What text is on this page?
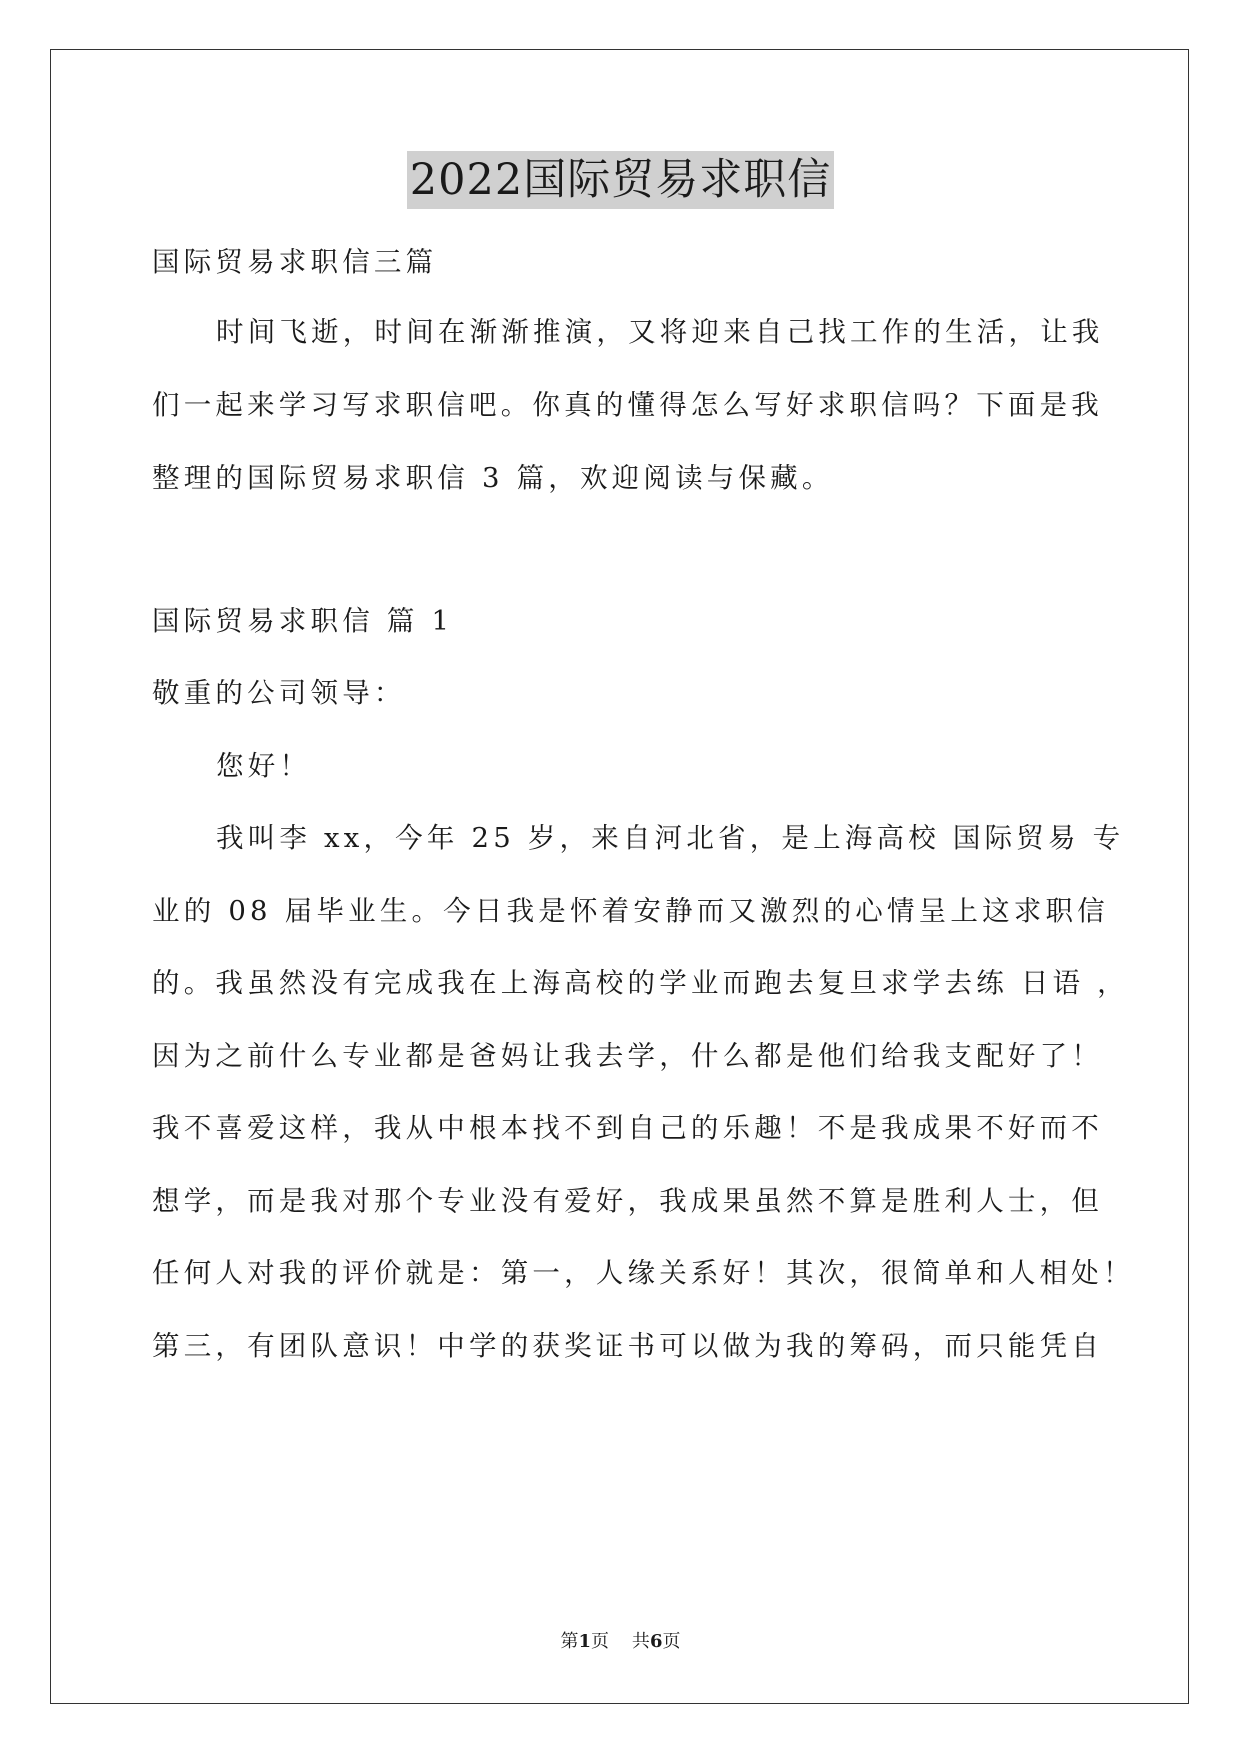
2022国际贸易求职信
国际贸易求职信三篇
时间飞逝，时间在渐渐推演，又将迎来自己找工作的生活，让我
们一起来学习写求职信吧。你真的懂得怎么写好求职信吗？下面是我
整理的国际贸易求职信 3 篇，欢迎阅读与保藏。
国际贸易求职信 篇 1
敬重的公司领导：
您好！
我叫李 xx，今年 25 岁，来自河北省，是上海高校 国际贸易 专
业的 08 届毕业生。今日我是怀着安静而又激烈的心情呈上这求职信
的。我虽然没有完成我在上海高校的学业而跑去复旦求学去练 日语 ，
因为之前什么专业都是爸妈让我去学，什么都是他们给我支配好了！
我不喜爱这样，我从中根本找不到自己的乐趣！不是我成果不好而不
想学，而是我对那个专业没有爱好，我成果虽然不算是胜利人士，但
任何人对我的评价就是：第一，人缘关系好！其次，很简单和人相处！
第三，有团队意识！中学的获奖证书可以做为我的筹码，而只能凭自
第1页    共6页
